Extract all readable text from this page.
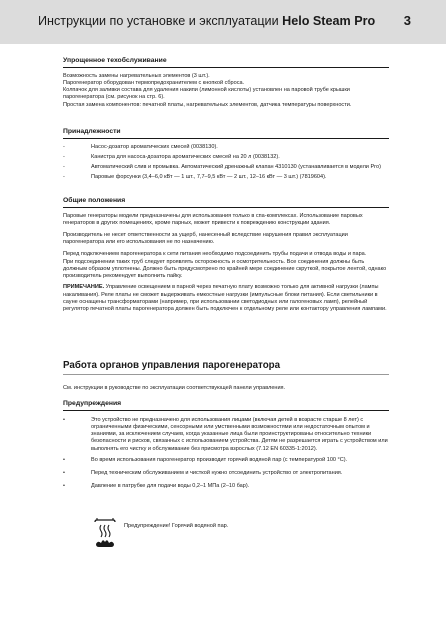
Инструкции по установке и эксплуатации Helo Steam Pro 3
Упрощенное техобслуживание
Возможность замены нагревательных элементов (3 шт.).
Парогенератор оборудован термопредохранителем с кнопкой сброса.
Колпачок для заливки состава для удаления накипи (лимонной кислоты) установлен на паровой трубе крышки парогенератора (см. рисунок на стр. 6).
Простая замена компонентов: печатной платы, нагревательных элементов, датчика температуры поверхности.
Принадлежности
- Насос-дозатор ароматических смесей (0038130).
- Канистра для насоса-дозатора ароматических смесей на 20 л (0038132).
- Автоматический слив и промывка. Автоматический дренажный клапан 4310130 (устанавливается в модели Pro)
- Паровые форсунки (3,4–6,0 кВт — 1 шт., 7,7–9,5 кВт — 2 шт., 12–16 кВт — 3 шт.) (7819604).
Общие положения
Паровые генераторы модели предназначены для использования только в спа-комплексах. Использование паровых генераторов в других помещениях, кроме парных, может привести к повреждению конструкции здания.
Производитель не несет ответственности за ущерб, нанесенный вследствие нарушения правил эксплуатации парогенератора или его использования не по назначению.
Перед подключением парогенератора к сети питания необходимо подсоединить трубы подачи и отвода воды и пара.
При подсоединении таких труб следует проявлять осторожность и осмотрительность. Все соединения должны быть должным образом уплотнены. Должно быть предусмотрено по крайней мере соединение скруткой, покрытое лентой, однако производитель рекомендует выполнить пайку.
ПРИМЕЧАНИЕ. Управление освещением в парной через печатную плату возможно только для активной нагрузки (лампы накаливания). Реле платы не сможет выдерживать емкостные нагрузки (импульсные блоки питания). Если светильники в сауне оснащены трансформаторами (например, при использовании светодиодных или галогеновых ламп), релейный регулятор печатной платы парогенератора должен быть подключен к отдельному реле или контактору управления лампами.
Работа органов управления парогенератора
См. инструкции в руководстве по эксплуатации соответствующей панели управления.
Предупреждения
• Это устройство не предназначено для использования лицами (включая детей в возрасте старше 8 лет) с ограниченными физическими, сенсорными или умственными возможностями или недостаточным опытом и знаниями, за исключением случаев, когда указанные лица были проинструктированы относительно техники безопасности и рисков, связанных с использованием устройства. Детям не разрешается играть с устройством или выполнять его чистку и обслуживание без присмотра взрослых (7.12 EN 60335-1:2012).
• Во время использования парогенератор производит горячий водяной пар (с температурой 100 °C).
• Перед техническим обслуживанием и чисткой нужно отсоединить устройство от электропитания.
• Давление в патрубке для подачи воды 0,2–1 МПа (2–10 бар).
Предупреждение! Горячий водяной пар.
